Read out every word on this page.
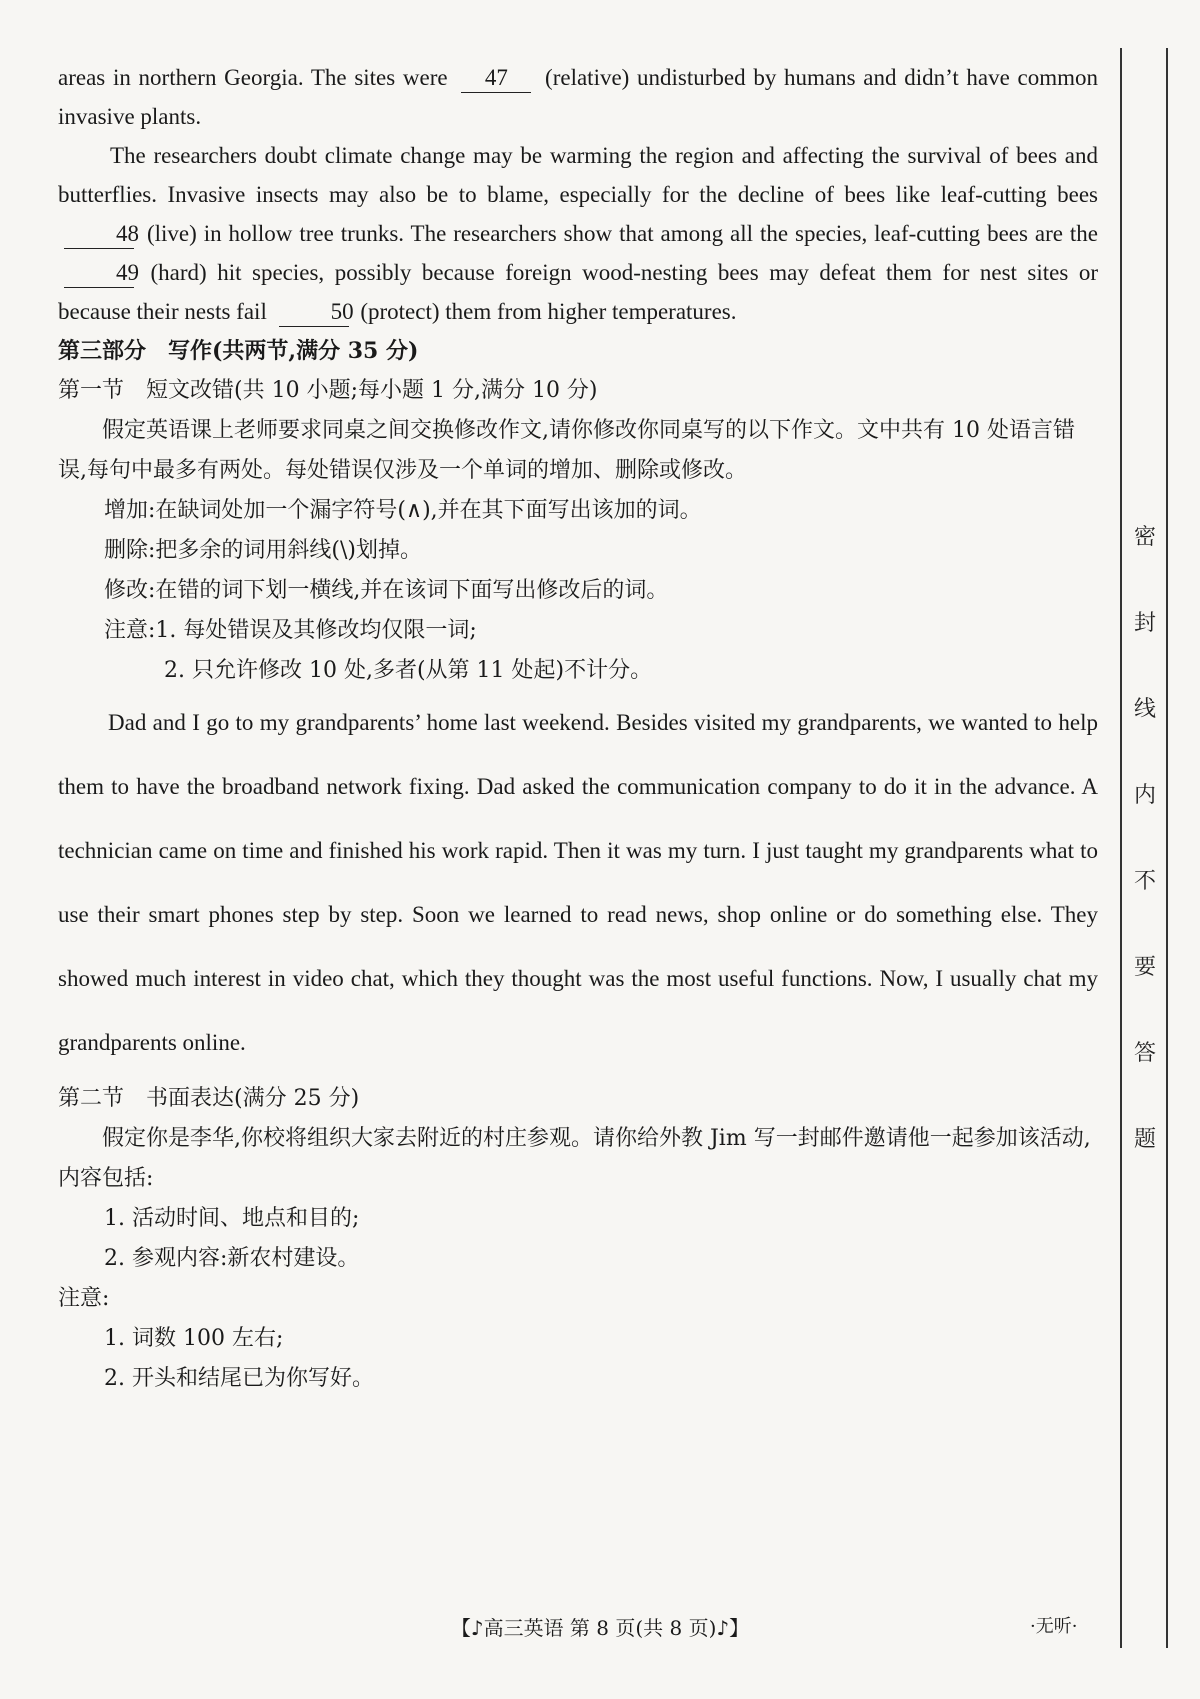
areas in northern Georgia. The sites were 47 (relative) undisturbed by humans and didn’t have common invasive plants.

The researchers doubt climate change may be warming the region and affecting the survival of bees and butterflies. Invasive insects may also be to blame, especially for the decline of bees like leaf-cutting bees 48 (live) in hollow tree trunks. The researchers show that among all the species, leaf-cutting bees are the 49 (hard) hit species, possibly because foreign wood-nesting bees may defeat them for nest sites or because their nests fail	50 (protect) them from higher temperatures.

第三部分　写作(共两节,满分 35 分)

第一节　短文改错(共 10 小题;每小题 1 分,满分 10 分)

假定英语课上老师要求同桌之间交换修改作文,请你修改你同桌写的以下作文。文中共有 10 处语言错误,每句中最多有两处。每处错误仅涉及一个单词的增加、删除或修改。

增加:在缺词处加一个漏字符号(∧),并在其下面写出该加的词。

删除:把多余的词用斜线(\)划掉。

修改:在错的词下划一横线,并在该词下面写出修改后的词。

注意:1. 每处错误及其修改均仅限一词;

2. 只允许修改 10 处,多者(从第 11 处起)不计分。

Dad and I go to my grandparents’ home last weekend. Besides visited my grandparents, we wanted to help them to have the broadband network fixing. Dad asked the communication company to do it in the advance. A technician came on time and finished his work rapid. Then it was my turn. I just taught my grandparents what to use their smart phones step by step. Soon we learned to read news, shop online or do something else. They showed much interest in video chat, which they thought was the most useful functions. Now, I usually chat my grandparents online.

第二节　书面表达(满分 25 分)

假定你是李华,你校将组织大家去附近的村庄参观。请你给外教 Jim 写一封邮件邀请他一起参加该活动,内容包括:

1. 活动时间、地点和目的;

2. 参观内容:新农村建设。

注意:

1. 词数 100 左右;

2. 开头和结尾已为你写好。

密
封
线
内
不
要
答
题
【♪高三英语 第 8 页(共 8 页)♪】	·无听·
